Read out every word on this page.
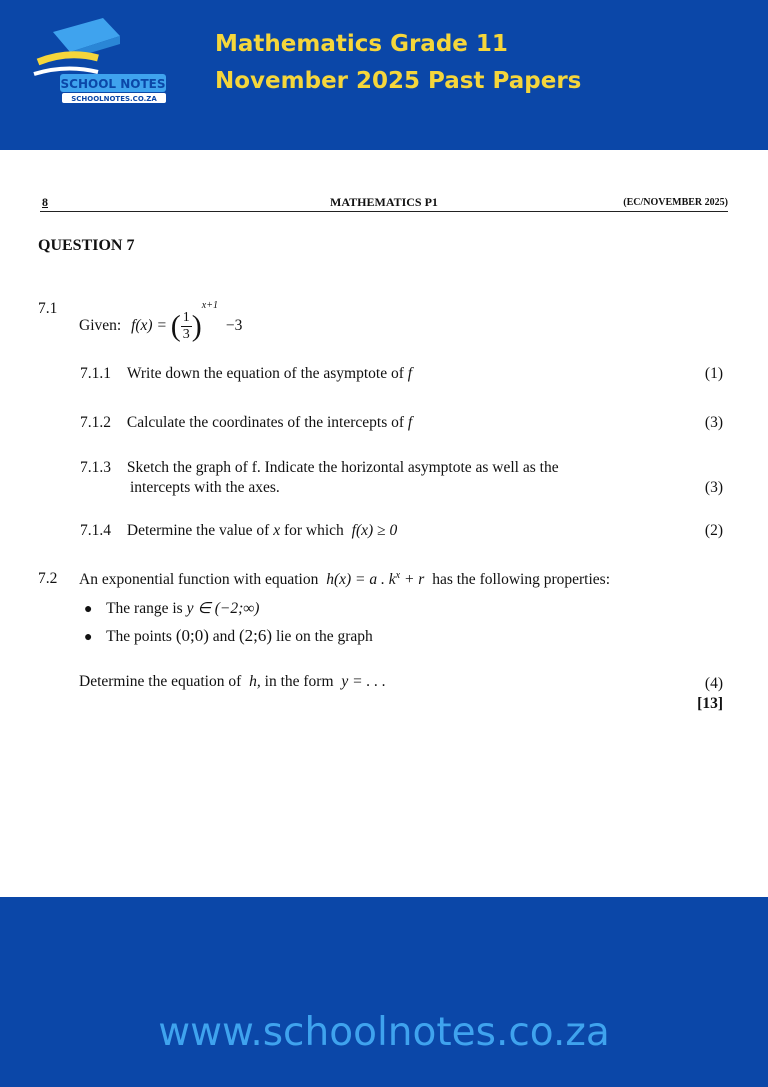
SCHOOL NOTES
SCHOOLNOTES.CO.ZA
Mathematics Grade 11
November 2025 Past Papers
8	MATHEMATICS P1	(EC/NOVEMBER 2025)
QUESTION 7
7.1
Given: f(x) = ( $\frac{1}{3} )^{x+1} -3$
7.1.1 Write down the equation of the asymptote of f	(1)
7.1.2 Calculate the coordinates of the intercepts of f	(3)
7.1.3 Sketch the graph of f. Indicate the horizontal asymptote as well as the
intercepts with the axes.	(3)
7.1.4 Determine the value of x for which f(x) ≥ 0	(2)
7.2 An exponential function with equation h(x) = a . $k^x + r$ has the following properties:
● The range is y ∈ (−2;∞)
● The points (0;0) and (2;6) lie on the graph
Determine the equation of h, in the form y = . . .	(4)
[13]
www.schoolnotes.co.za
